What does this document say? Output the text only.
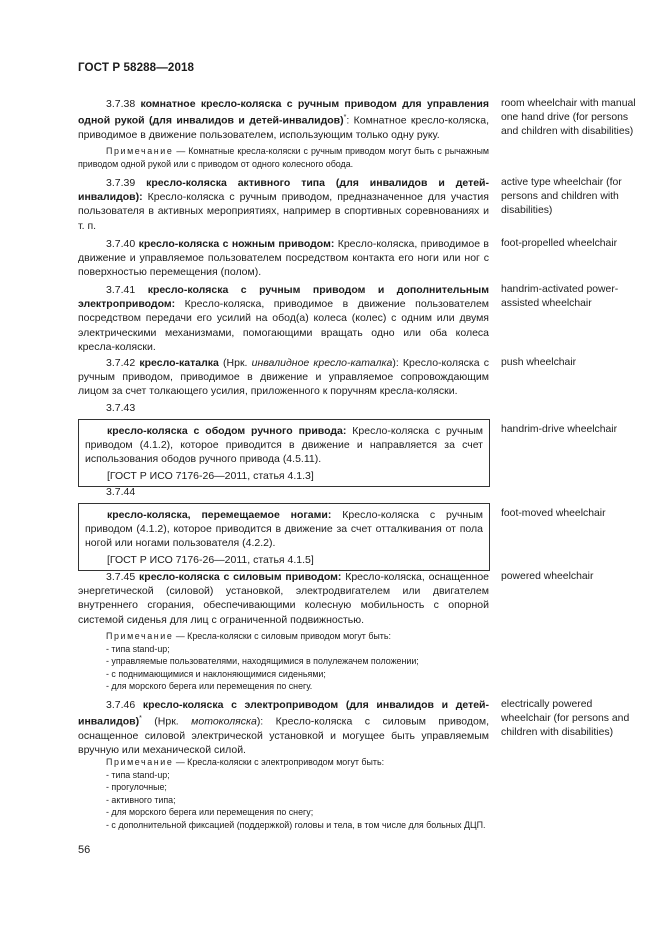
ГОСТ Р 58288—2018

3.7.38 комнатное кресло-коляска с ручным приводом для управления одной рукой (для инвалидов и детей-инвалидов)*: Комнатное кресло-коляска, приводимое в движение пользователем, использующим только одну руку.

Примечание — Комнатные кресла-коляски с ручным приводом могут быть с рычажным приводом одной рукой или с приводом от одного колесного обода.

room wheelchair with manual one hand drive (for persons and children with disabilities)

3.7.39 кресло-коляска активного типа (для инвалидов и детей-инвалидов): Кресло-коляска с ручным приводом, предназначенное для участия пользователя в активных мероприятиях, например в спортивных соревнованиях и т. п.

active type wheelchair (for persons and children with disabilities)

3.7.40 кресло-коляска с ножным приводом: Кресло-коляска, приводимое в движение и управляемое пользователем посредством контакта его ноги или ног с поверхностью перемещения (полом).

foot-propelled wheelchair

3.7.41 кресло-коляска с ручным приводом и дополнительным электроприводом: Кресло-коляска, приводимое в движение пользователем посредством передачи его усилий на обод(а) колеса (колес) с одним или двумя электрическими механизмами, помогающими вращать одно или оба колеса кресла-коляски.

handrim-activated power-assisted wheelchair

3.7.42 кресло-каталка (Нрк. инвалидное кресло-каталка): Кресло-коляска с ручным приводом, приводимое в движение и управляемое сопровождающим лицом за счет толкающего усилия, приложенного к поручням кресла-коляски.

push wheelchair
3.7.43

кресло-коляска с ободом ручного привода: Кресло-коляска с ручным приводом (4.1.2), которое приводится в движение и направляется за счет использования ободов ручного привода (4.5.11).

[ГОСТ Р ИСО 7176-26—2011, статья 4.1.3]

handrim-drive wheelchair
3.7.44

кресло-коляска, перемещаемое ногами: Кресло-коляска с ручным приводом (4.1.2), которое приводится в движение за счет отталкивания от пола ногой или ногами пользователя (4.2.2).

[ГОСТ Р ИСО 7176-26—2011, статья 4.1.5]

foot-moved wheelchair

3.7.45 кресло-коляска с силовым приводом: Кресло-коляска, оснащенное энергетической (силовой) установкой, электродвигателем или двигателем внутреннего сгорания, обеспечивающими колесную мобильность с опорной системой сиденья для лиц с ограниченной подвижностью.

Примечание — Кресла-коляски с силовым приводом могут быть:

- типа stand-up;

- управляемые пользователями, находящимися в полулежачем положении;

- с поднимающимися и наклоняющимися сиденьями;

- для морского берега или перемещения по снегу.

powered wheelchair

3.7.46 кресло-коляска с электроприводом (для инвалидов и детей-инвалидов)* (Нрк. мотоколяска): Кресло-коляска с силовым приводом, оснащенное силовой электрической установкой и могущее быть управляемым вручную или механической силой.

Примечание — Кресла-коляски с электроприводом могут быть:

- типа stand-up;

- прогулочные;

- активного типа;

- для морского берега или перемещения по снегу;

- с дополнительной фиксацией (поддержкой) головы и тела, в том числе для больных ДЦП.

electrically powered wheelchair (for persons and children with disabilities)
56
